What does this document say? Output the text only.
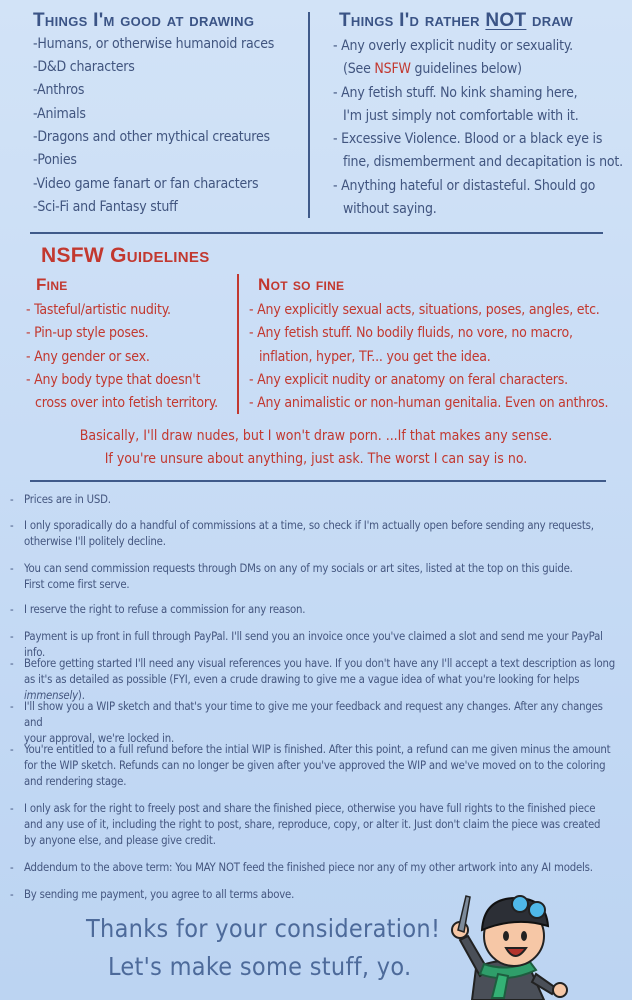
Things I'm good at drawing
-Humans, or otherwise humanoid races
-D&D characters
-Anthros
-Animals
-Dragons and other mythical creatures
-Ponies
-Video game fanart or fan characters
-Sci-Fi and Fantasy stuff
Things I'd rather NOT draw
- Any overly explicit nudity or sexuality.
(See NSFW guidelines below)
- Any fetish stuff. No kink shaming here,
I'm just simply not comfortable with it.
- Excessive Violence. Blood or a black eye is
fine, dismemberment and decapitation is not.
- Anything hateful or distasteful. Should go
without saying.
NSFW Guidelines
Fine
- Tasteful/artistic nudity.
- Pin-up style poses.
- Any gender or sex.
- Any body type that doesn't
cross over into fetish territory.
Not so fine
- Any explicitly sexual acts, situations, poses, angles, etc.
- Any fetish stuff. No bodily fluids, no vore, no macro,
inflation, hyper, TF... you get the idea.
- Any explicit nudity or anatomy on feral characters.
- Any animalistic or non-human genitalia. Even on anthros.
Basically, I'll draw nudes, but I won't draw porn. ...If that makes any sense.
If you're unsure about anything, just ask. The worst I can say is no.
- Prices are in USD.
- I only sporadically do a handful of commissions at a time, so check if I'm actually open before sending any requests,
otherwise I'll politely decline.
- You can send commission requests through DMs on any of my socials or art sites, listed at the top on this guide.
First come first serve.
- I reserve the right to refuse a commission for any reason.
- Payment is up front in full through PayPal. I'll send you an invoice once you've claimed a slot and send me your PayPal info.
- Before getting started I'll need any visual references you have. If you don't have any I'll accept a text description as long
as it's as detailed as possible (FYI, even a crude drawing to give me a vague idea of what you're looking for helps immensely).
- I'll show you a WIP sketch and that's your time to give me your feedback and request any changes. After any changes and
your approval, we're locked in.
- You're entitled to a full refund before the intial WIP is finished. After this point, a refund can me given minus the amount
for the WIP sketch. Refunds can no longer be given after you've approved the WIP and we've moved on to the coloring
and rendering stage.
- I only ask for the right to freely post and share the finished piece, otherwise you have full rights to the finished piece
and any use of it, including the right to post, share, reproduce, copy, or alter it. Just don't claim the piece was created
by anyone else, and please give credit.
- Addendum to the above term: You MAY NOT feed the finished piece nor any of my other artwork into any AI models.
- By sending me payment, you agree to all terms above.
Thanks for your consideration!
Let's make some stuff, yo.
